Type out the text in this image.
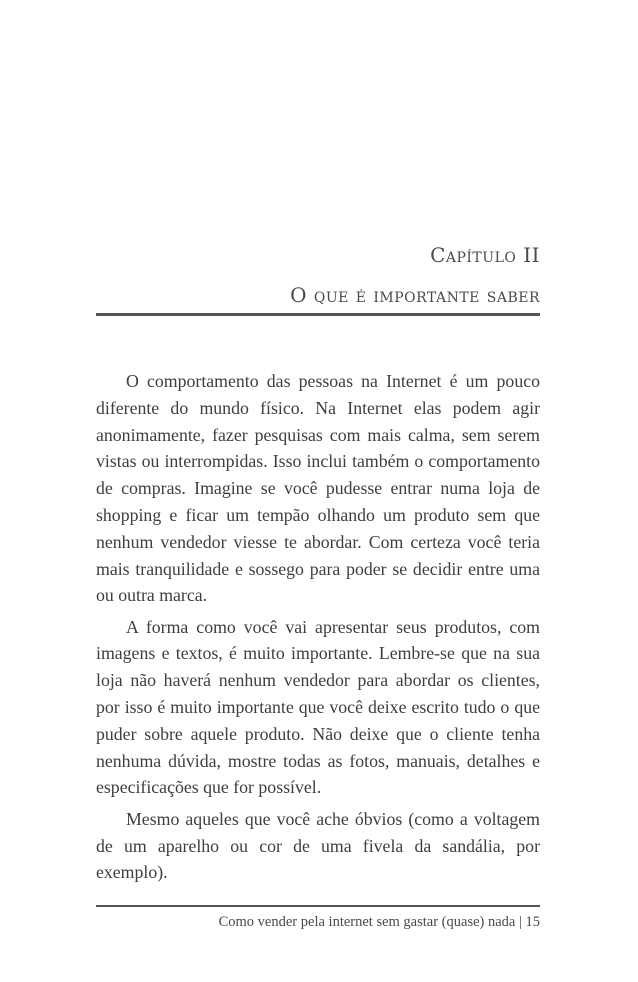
Capítulo II
O que é importante saber

O comportamento das pessoas na Internet é um pouco diferente do mundo físico. Na Internet elas podem agir anonimamente, fazer pesquisas com mais calma, sem serem vistas ou interrompidas. Isso inclui também o comportamento de compras. Imagine se você pudesse entrar numa loja de shopping e ficar um tempão olhando um produto sem que nenhum vendedor viesse te abordar. Com certeza você teria mais tranquilidade e sossego para poder se decidir entre uma ou outra marca.

A forma como você vai apresentar seus produtos, com imagens e textos, é muito importante. Lembre-se que na sua loja não haverá nenhum vendedor para abordar os clientes, por isso é muito importante que você deixe escrito tudo o que puder sobre aquele produto. Não deixe que o cliente tenha nenhuma dúvida, mostre todas as fotos, manuais, detalhes e especificações que for possível.

Mesmo aqueles que você ache óbvios (como a voltagem de um aparelho ou cor de uma fivela da sandália, por exemplo).

Como vender pela internet sem gastar (quase) nada | 15
